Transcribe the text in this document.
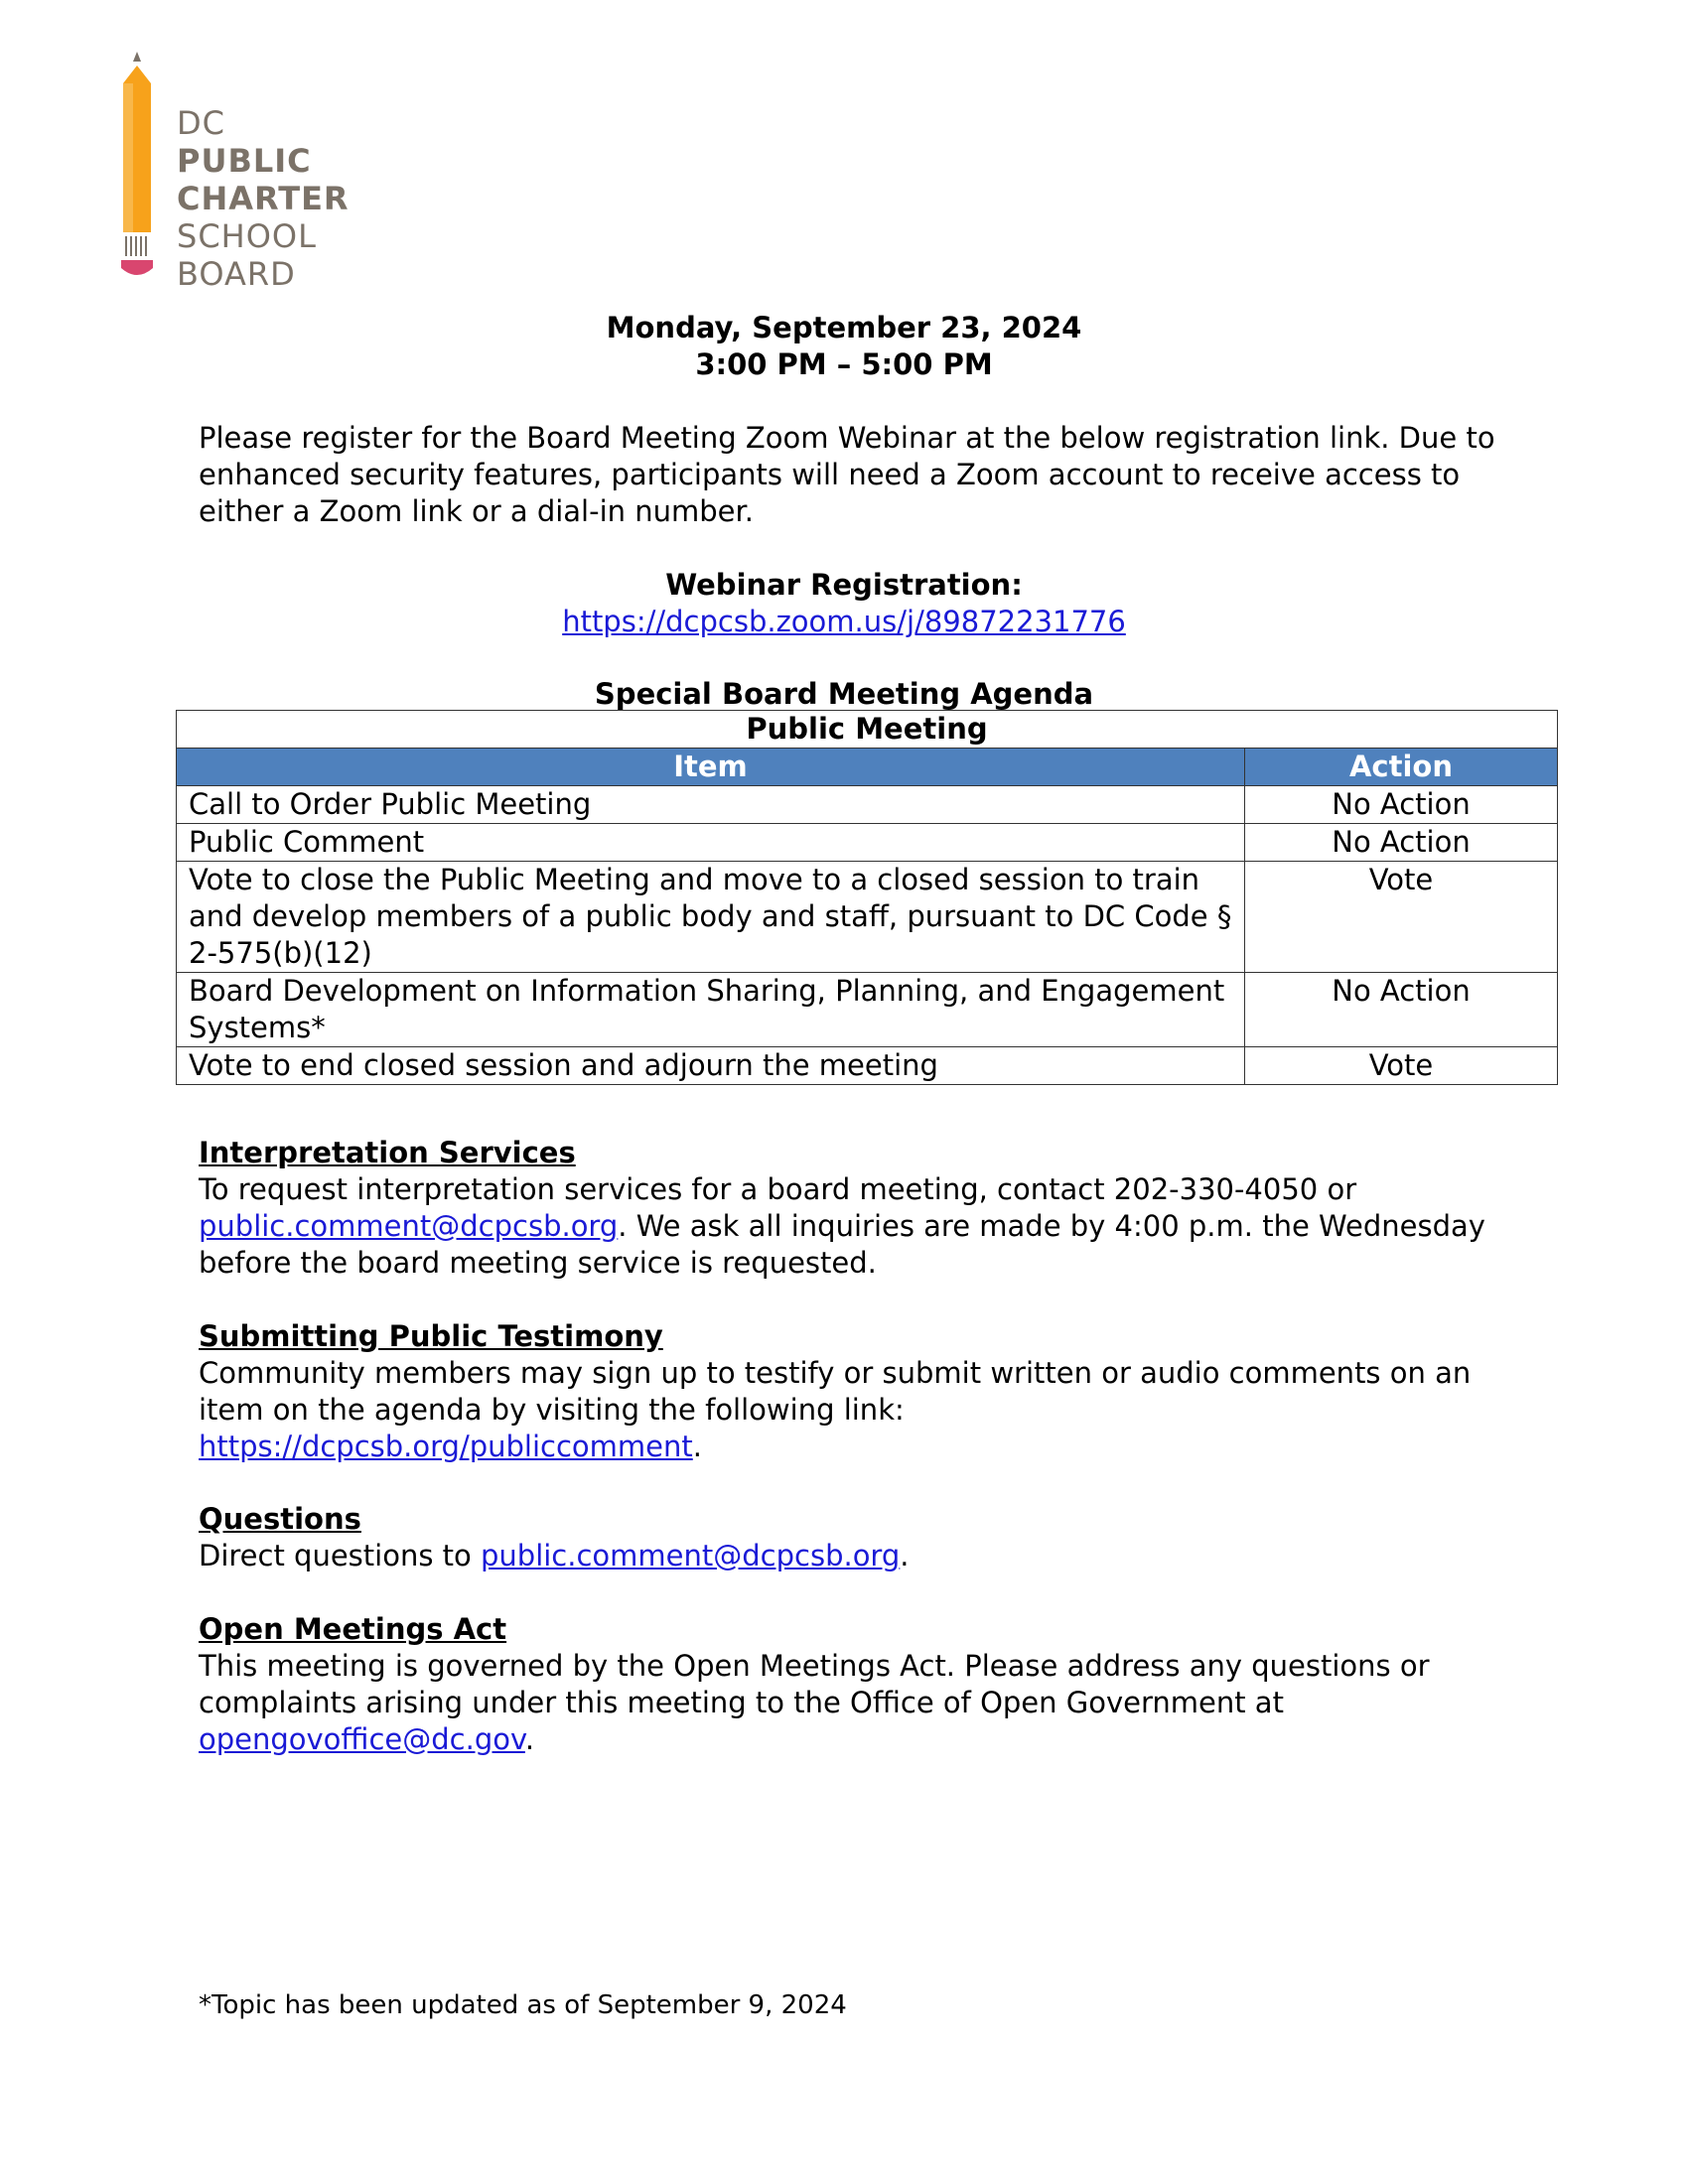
DC
PUBLIC
CHARTER
SCHOOL
BOARD
Monday, September 23, 2024
3:00 PM – 5:00 PM
Please register for the Board Meeting Zoom Webinar at the below registration link. Due to enhanced security features, participants will need a Zoom account to receive access to either a Zoom link or a dial-in number.
Webinar Registration:
https://dcpcsb.zoom.us/j/89872231776
Special Board Meeting Agenda
Public Meeting	
Item	Action
Call to Order Public Meeting	No Action
Public Comment	No Action
Vote to close the Public Meeting and move to a closed session to train and develop members of a public body and staff, pursuant to DC Code § 2-575(b)(12)	Vote
Board Development on Information Sharing, Planning, and Engagement Systems*	No Action
Vote to end closed session and adjourn the meeting	Vote
Interpretation Services
To request interpretation services for a board meeting, contact 202-330-4050 or public.comment@dcpcsb.org. We ask all inquiries are made by 4:00 p.m. the Wednesday before the board meeting service is requested.
Submitting Public Testimony
Community members may sign up to testify or submit written or audio comments on an item on the agenda by visiting the following link:
https://dcpcsb.org/publiccomment.
Questions
Direct questions to public.comment@dcpcsb.org.
Open Meetings Act
This meeting is governed by the Open Meetings Act. Please address any questions or complaints arising under this meeting to the Office of Open Government at opengovoffice@dc.gov.
*Topic has been updated as of September 9, 2024
